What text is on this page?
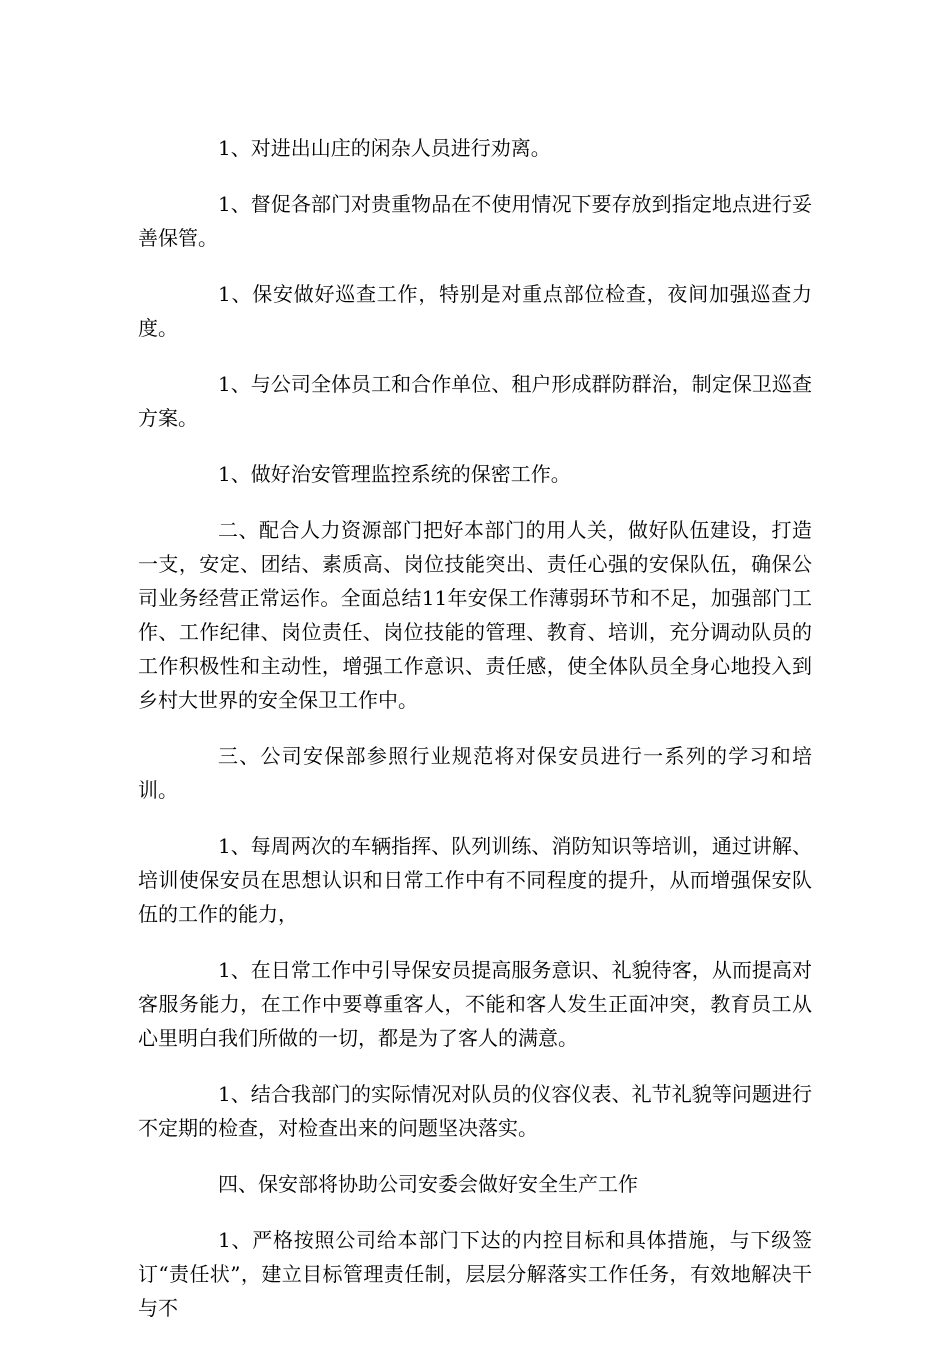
1、对进出山庄的闲杂人员进行劝离。

1、督促各部门对贵重物品在不使用情况下要存放到指定地点进行妥善保管。

1、保安做好巡查工作，特别是对重点部位检查，夜间加强巡查力度。

1、与公司全体员工和合作单位、租户形成群防群治，制定保卫巡查方案。

1、做好治安管理监控系统的保密工作。

二、配合人力资源部门把好本部门的用人关，做好队伍建设，打造一支，安定、团结、素质高、岗位技能突出、责任心强的安保队伍，确保公司业务经营正常运作。全面总结11年安保工作薄弱环节和不足，加强部门工作、工作纪律、岗位责任、岗位技能的管理、教育、培训，充分调动队员的工作积极性和主动性，增强工作意识、责任感，使全体队员全身心地投入到乡村大世界的安全保卫工作中。

三、公司安保部参照行业规范将对保安员进行一系列的学习和培训。

1、每周两次的车辆指挥、队列训练、消防知识等培训，通过讲解、培训使保安员在思想认识和日常工作中有不同程度的提升，从而增强保安队伍的工作的能力，

1、在日常工作中引导保安员提高服务意识、礼貌待客，从而提高对客服务能力，在工作中要尊重客人，不能和客人发生正面冲突，教育员工从心里明白我们所做的一切，都是为了客人的满意。

1、结合我部门的实际情况对队员的仪容仪表、礼节礼貌等问题进行不定期的检查，对检查出来的问题坚决落实。

四、保安部将协助公司安委会做好安全生产工作

1、严格按照公司给本部门下达的内控目标和具体措施，与下级签订“责任状”，建立目标管理责任制，层层分解落实工作任务，有效地解决干与不
